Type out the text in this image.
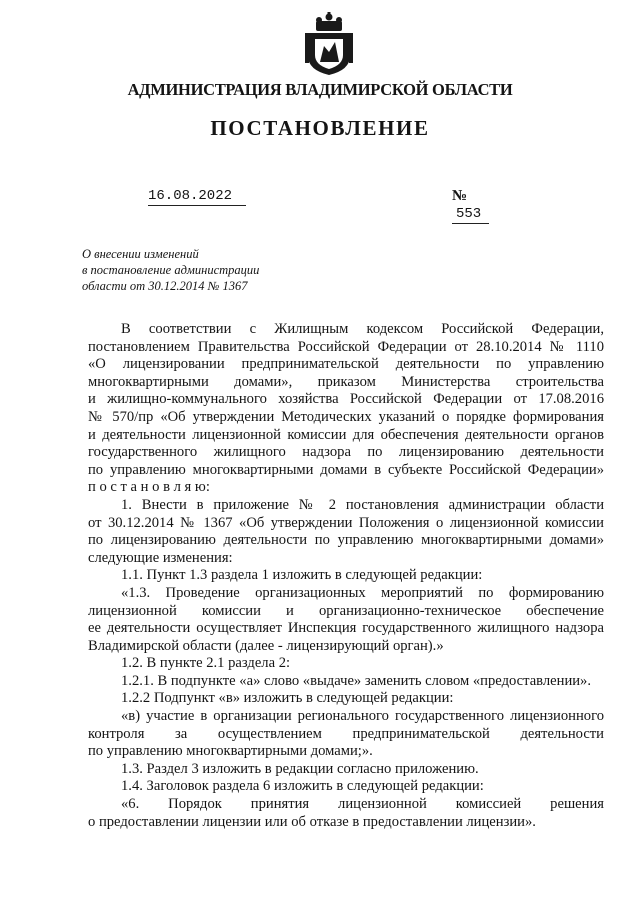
АДМИНИСТРАЦИЯ ВЛАДИМИРСКОЙ ОБЛАСТИ
ПОСТАНОВЛЕНИЕ
16.08.2022	№ 553
О внесении изменений
в постановление администрации
области от 30.12.2014 № 1367
В соответствии с Жилищным кодексом Российской Федерации,
постановлением Правительства Российской Федерации от 28.10.2014 № 1110
«О лицензировании предпринимательской деятельности по управлению
многоквартирными домами», приказом Министерства строительства
и жилищно-коммунального хозяйства Российской Федерации от 17.08.2016
№ 570/пр «Об утверждении Методических указаний о порядке формирования
и деятельности лицензионной комиссии для обеспечения деятельности органов
государственного жилищного надзора по лицензированию деятельности
по управлению многоквартирными домами в субъекте Российской Федерации»
п о с т а н о в л я ю:
1. Внести в приложение № 2 постановления администрации области
от 30.12.2014 № 1367 «Об утверждении Положения о лицензионной комиссии
по лицензированию деятельности по управлению многоквартирными домами»
следующие изменения:
1.1. Пункт 1.3 раздела 1 изложить в следующей редакции:
«1.3. Проведение организационных мероприятий по формированию
лицензионной комиссии и организационно-техническое обеспечение
ее деятельности осуществляет Инспекция государственного жилищного надзора
Владимирской области (далее - лицензирующий орган).»
1.2. В пункте 2.1 раздела 2:
1.2.1. В подпункте «а» слово «выдаче» заменить словом «предоставлении».
1.2.2 Подпункт «в» изложить в следующей редакции:
«в) участие в организации регионального государственного лицензионного
контроля за осуществлением предпринимательской деятельности
по управлению многоквартирными домами;».
1.3. Раздел 3 изложить в редакции согласно приложению.
1.4. Заголовок раздела 6 изложить в следующей редакции:
«6. Порядок принятия лицензионной комиссией решения
о предоставлении лицензии или об отказе в предоставлении лицензии».
